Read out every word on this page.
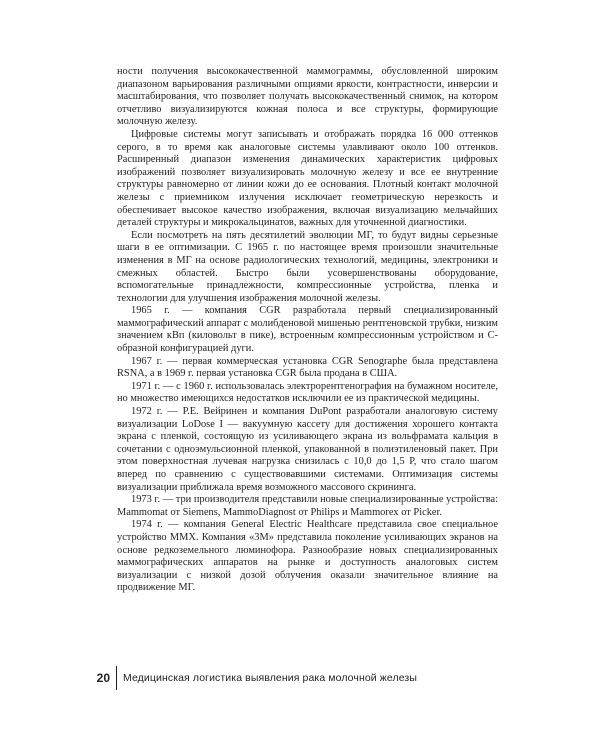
ности получения высококачественной маммограммы, обусловленной широким диапазоном варьирования различными опциями яркости, контрастности, инверсии и масштабирования, что позволяет получать высококачественный снимок, на котором отчетливо визуализируются кожная полоса и все структуры, формирующие молочную железу.

Цифровые системы могут записывать и отображать порядка 16 000 оттенков серого, в то время как аналоговые системы улавливают около 100 оттенков. Расширенный диапазон изменения динамических характеристик цифровых изображений позволяет визуализировать молочную железу и все ее внутренние структуры равномерно от линии кожи до ее основания. Плотный контакт молочной железы с приемником излучения исключает геометрическую нерезкость и обеспечивает высокое качество изображения, включая визуализацию мельчайших деталей структуры и микрокальцинатов, важных для уточненной диагностики.

Если посмотреть на пять десятилетий эволюции МГ, то будут видны серьезные шаги в ее оптимизации. С 1965 г. по настоящее время произошли значительные изменения в МГ на основе радиологических технологий, медицины, электроники и смежных областей. Быстро были усовершенствованы оборудование, вспомогательные принадлежности, компрессионные устройства, пленка и технологии для улучшения изображения молочной железы.

1965 г. — компания CGR разработала первый специализированный маммографический аппарат с молибденовой мишенью рентгеновской трубки, низким значением кВп (киловольт в пике), встроенным компрессионным устройством и С-образной конфигурацией дуги.

1967 г. — первая коммерческая установка CGR Senographe была представлена RSNA, а в 1969 г. первая установка CGR была продана в США.

1971 г. — с 1960 г. использовалась электрорентгенография на бумажном носителе, но множество имеющихся недостатков исключили ее из практической медицины.

1972 г. — Р.Е. Вейринен и компания DuPont разработали аналоговую систему визуализации LoDose I — вакуумную кассету для достижения хорошего контакта экрана с пленкой, состоящую из усиливающего экрана из вольфрамата кальция в сочетании с одноэмульсионной пленкой, упакованной в полиэтиленовый пакет. При этом поверхностная лучевая нагрузка снизилась с 10,0 до 1,5 Р, что стало шагом вперед по сравнению с существовавшими системами. Оптимизация системы визуализации приближала время возможного массового скрининга.

1973 г. — три производителя представили новые специализированные устройства: Mammomat от Siemens, MammoDiagnost от Philips и Mammorex от Picker.

1974 г. — компания General Electric Healthcare представила свое специальное устройство MMX. Компания «3M» представила поколение усиливающих экранов на основе редкоземельного люминофора. Разнообразие новых специализированных маммографических аппаратов на рынке и доступность аналоговых систем визуализации с низкой дозой облучения оказали значительное влияние на продвижение МГ.

20	Медицинская логистика выявления рака молочной железы
